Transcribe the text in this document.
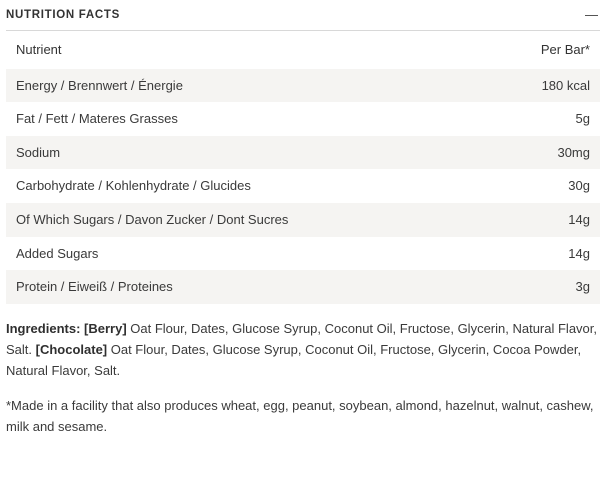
NUTRITION FACTS
Nutrient	Per Bar*
Energy / Brennwert / Énergie	180 kcal
Fat / Fett / Materes Grasses	5g
Sodium	30mg
Carbohydrate / Kohlenhydrate / Glucides	30g
Of Which Sugars / Davon Zucker / Dont Sucres	14g
Added Sugars	14g
Protein / Eiweiß / Proteines	3g

Ingredients: [Berry] Oat Flour, Dates, Glucose Syrup, Coconut Oil, Fructose, Glycerin, Natural Flavor, Salt. [Chocolate] Oat Flour, Dates, Glucose Syrup, Coconut Oil, Fructose, Glycerin, Cocoa Powder, Natural Flavor, Salt.

*Made in a facility that also produces wheat, egg, peanut, soybean, almond, hazelnut, walnut, cashew, milk and sesame.
